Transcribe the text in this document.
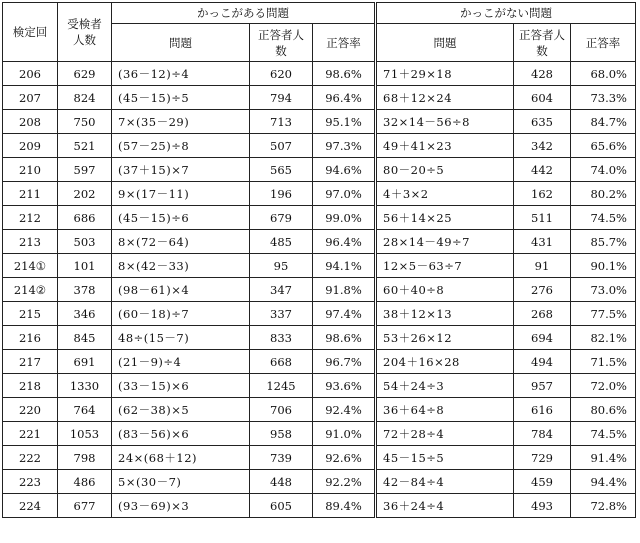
検定回	受検者人数	かっこがある問題			かっこがない問題		
		問題	正答者人数	正答率	問題	正答者人数	正答率
206	629	(36－12)÷4	620	98.6%	71＋29×18	428	68.0%
207	824	(45－15)÷5	794	96.4%	68＋12×24	604	73.3%
208	750	7×(35－29)	713	95.1%	32×14－56÷8	635	84.7%
209	521	(57－25)÷8	507	97.3%	49＋41×23	342	65.6%
210	597	(37＋15)×7	565	94.6%	80－20÷5	442	74.0%
211	202	9×(17－11)	196	97.0%	4＋3×2	162	80.2%
212	686	(45－15)÷6	679	99.0%	56＋14×25	511	74.5%
213	503	8×(72－64)	485	96.4%	28×14－49÷7	431	85.7%
214①	101	8×(42－33)	95	94.1%	12×5－63÷7	91	90.1%
214②	378	(98－61)×4	347	91.8%	60＋40÷8	276	73.0%
215	346	(60－18)÷7	337	97.4%	38＋12×13	268	77.5%
216	845	48÷(15－7)	833	98.6%	53＋26×12	694	82.1%
217	691	(21－9)÷4	668	96.7%	204＋16×28	494	71.5%
218	1330	(33－15)×6	1245	93.6%	54＋24÷3	957	72.0%
220	764	(62－38)×5	706	92.4%	36＋64÷8	616	80.6%
221	1053	(83－56)×6	958	91.0%	72＋28÷4	784	74.5%
222	798	24×(68＋12)	739	92.6%	45－15÷5	729	91.4%
223	486	5×(30－7)	448	92.2%	42－84÷4	459	94.4%
224	677	(93－69)×3	605	89.4%	36＋24÷4	493	72.8%
